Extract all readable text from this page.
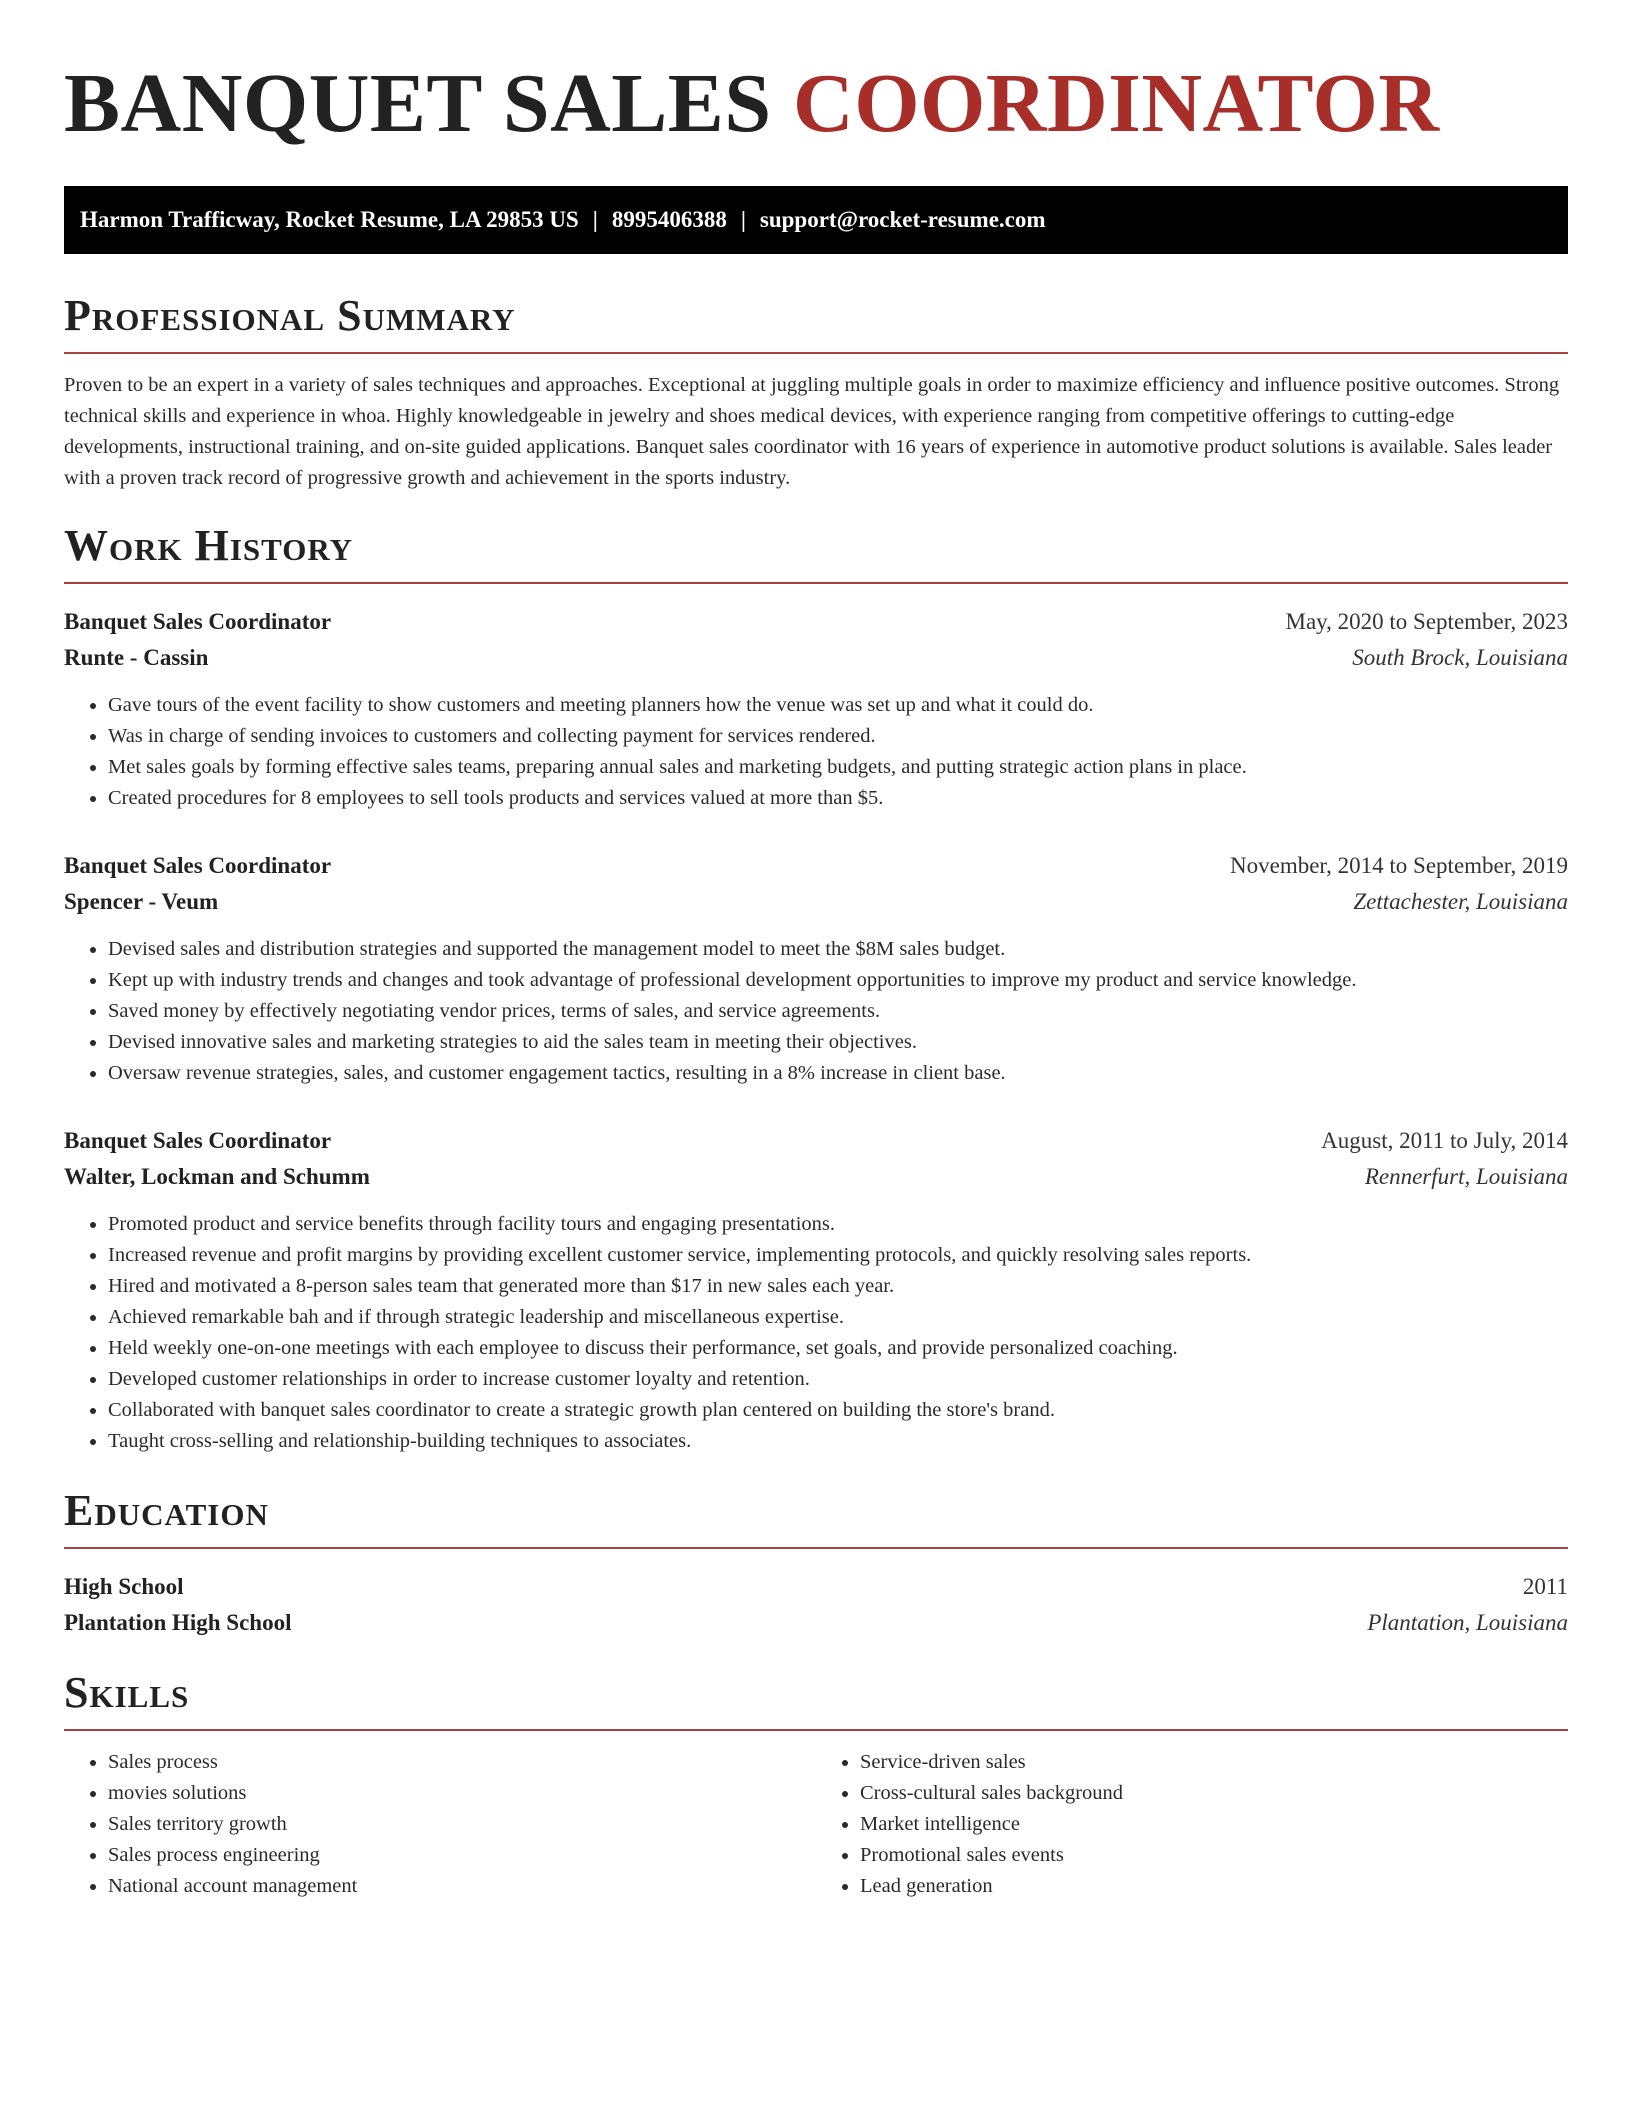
BANQUET SALES COORDINATOR
Harmon Trafficway, Rocket Resume, LA 29853 US | 8995406388 | support@rocket-resume.com
Professional Summary

Proven to be an expert in a variety of sales techniques and approaches. Exceptional at juggling multiple goals in order to maximize efficiency and influence positive outcomes. Strong technical skills and experience in whoa. Highly knowledgeable in jewelry and shoes medical devices, with experience ranging from competitive offerings to cutting-edge developments, instructional training, and on-site guided applications. Banquet sales coordinator with 16 years of experience in automotive product solutions is available. Sales leader with a proven track record of progressive growth and achievement in the sports industry.

Work History
Banquet Sales Coordinator	May, 2020 to September, 2023
Runte - Cassin	South Brock, Louisiana
• Gave tours of the event facility to show customers and meeting planners how the venue was set up and what it could do.
• Was in charge of sending invoices to customers and collecting payment for services rendered.
• Met sales goals by forming effective sales teams, preparing annual sales and marketing budgets, and putting strategic action plans in place.
• Created procedures for 8 employees to sell tools products and services valued at more than $5.
Banquet Sales Coordinator	November, 2014 to September, 2019
Spencer - Veum	Zettachester, Louisiana
• Devised sales and distribution strategies and supported the management model to meet the $8M sales budget.
• Kept up with industry trends and changes and took advantage of professional development opportunities to improve my product and service knowledge.
• Saved money by effectively negotiating vendor prices, terms of sales, and service agreements.
• Devised innovative sales and marketing strategies to aid the sales team in meeting their objectives.
• Oversaw revenue strategies, sales, and customer engagement tactics, resulting in a 8% increase in client base.
Banquet Sales Coordinator	August, 2011 to July, 2014
Walter, Lockman and Schumm	Rennerfurt, Louisiana
• Promoted product and service benefits through facility tours and engaging presentations.
• Increased revenue and profit margins by providing excellent customer service, implementing protocols, and quickly resolving sales reports.
• Hired and motivated a 8-person sales team that generated more than $17 in new sales each year.
• Achieved remarkable bah and if through strategic leadership and miscellaneous expertise.
• Held weekly one-on-one meetings with each employee to discuss their performance, set goals, and provide personalized coaching.
• Developed customer relationships in order to increase customer loyalty and retention.
• Collaborated with banquet sales coordinator to create a strategic growth plan centered on building the store's brand.
• Taught cross-selling and relationship-building techniques to associates.
Education
High School	2011
Plantation High School	Plantation, Louisiana
Skills
• Sales process
• movies solutions
• Sales territory growth
• Sales process engineering
• National account management
• Service-driven sales
• Cross-cultural sales background
• Market intelligence
• Promotional sales events
• Lead generation
